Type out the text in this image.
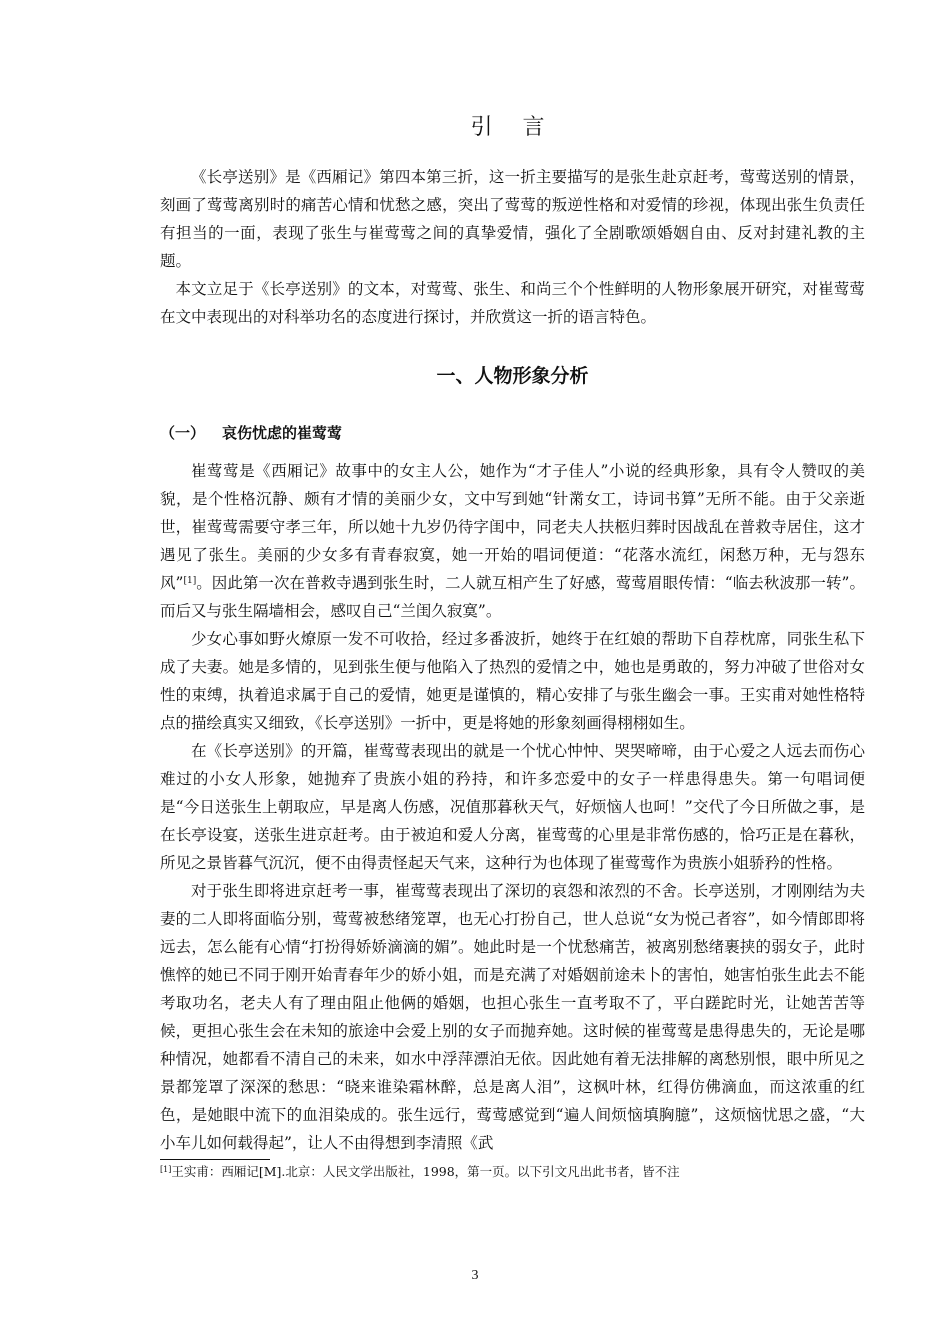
引言

《长亭送别》是《西厢记》第四本第三折，这一折主要描写的是张生赴京赶考，莺莺送别的情景，刻画了莺莺离别时的痛苦心情和忧愁之感，突出了莺莺的叛逆性格和对爱情的珍视，体现出张生负责任有担当的一面，表现了张生与崔莺莺之间的真挚爱情，强化了全剧歌颂婚姻自由、反对封建礼教的主题。

本文立足于《长亭送别》的文本，对莺莺、张生、和尚三个个性鲜明的人物形象展开研究，对崔莺莺在文中表现出的对科举功名的态度进行探讨，并欣赏这一折的语言特色。

一、人物形象分析
（一） 哀伤忧虑的崔莺莺

崔莺莺是《西厢记》故事中的女主人公，她作为“才子佳人”小说的经典形象，具有令人赞叹的美貌，是个性格沉静、颇有才情的美丽少女，文中写到她“针黹女工，诗词书算”无所不能。由于父亲逝世，崔莺莺需要守孝三年，所以她十九岁仍待字闺中，同老夫人扶柩归葬时因战乱在普救寺居住，这才遇见了张生。美丽的少女多有青春寂寞，她一开始的唱词便道：“花落水流红，闲愁万种，无与怨东风”[1]。因此第一次在普救寺遇到张生时，二人就互相产生了好感，莺莺眉眼传情：“临去秋波那一转”。而后又与张生隔墙相会，感叹自己“兰闺久寂寞”。

少女心事如野火燎原一发不可收拾，经过多番波折，她终于在红娘的帮助下自荐枕席，同张生私下成了夫妻。她是多情的，见到张生便与他陷入了热烈的爱情之中，她也是勇敢的，努力冲破了世俗对女性的束缚，执着追求属于自己的爱情，她更是谨慎的，精心安排了与张生幽会一事。王实甫对她性格特点的描绘真实又细致，《长亭送别》一折中，更是将她的形象刻画得栩栩如生。

在《长亭送别》的开篇，崔莺莺表现出的就是一个忧心忡忡、哭哭啼啼，由于心爱之人远去而伤心难过的小女人形象，她抛弃了贵族小姐的矜持，和许多恋爱中的女子一样患得患失。第一句唱词便是“今日送张生上朝取应，早是离人伤感，况值那暮秋天气，好烦恼人也呵！”交代了今日所做之事，是在长亭设宴，送张生进京赶考。由于被迫和爱人分离，崔莺莺的心里是非常伤感的，恰巧正是在暮秋，所见之景皆暮气沉沉，便不由得责怪起天气来，这种行为也体现了崔莺莺作为贵族小姐骄矜的性格。

对于张生即将进京赶考一事，崔莺莺表现出了深切的哀怨和浓烈的不舍。长亭送别，才刚刚结为夫妻的二人即将面临分别，莺莺被愁绪笼罩，也无心打扮自己，世人总说“女为悦己者容”，如今情郎即将远去，怎么能有心情“打扮得娇娇滴滴的媚”。她此时是一个忧愁痛苦，被离别愁绪裹挟的弱女子，此时憔悴的她已不同于刚开始青春年少的娇小姐，而是充满了对婚姻前途未卜的害怕，她害怕张生此去不能考取功名，老夫人有了理由阻止他俩的婚姻，也担心张生一直考取不了，平白蹉跎时光，让她苦苦等候，更担心张生会在未知的旅途中会爱上别的女子而抛弃她。这时候的崔莺莺是患得患失的，无论是哪种情况，她都看不清自己的未来，如水中浮萍漂泊无依。因此她有着无法排解的离愁别恨，眼中所见之景都笼罩了深深的愁思：“晓来谁染霜林醉，总是离人泪”，这枫叶林，红得仿佛滴血，而这浓重的红色，是她眼中流下的血泪染成的。张生远行，莺莺感觉到“遍人间烦恼填胸臆”，这烦恼忧思之盛，“大小车儿如何载得起”，让人不由得想到李清照《武

[1]王实甫：西厢记[M].北京：人民文学出版社，1998，第一页。以下引文凡出此书者，皆不注

3
